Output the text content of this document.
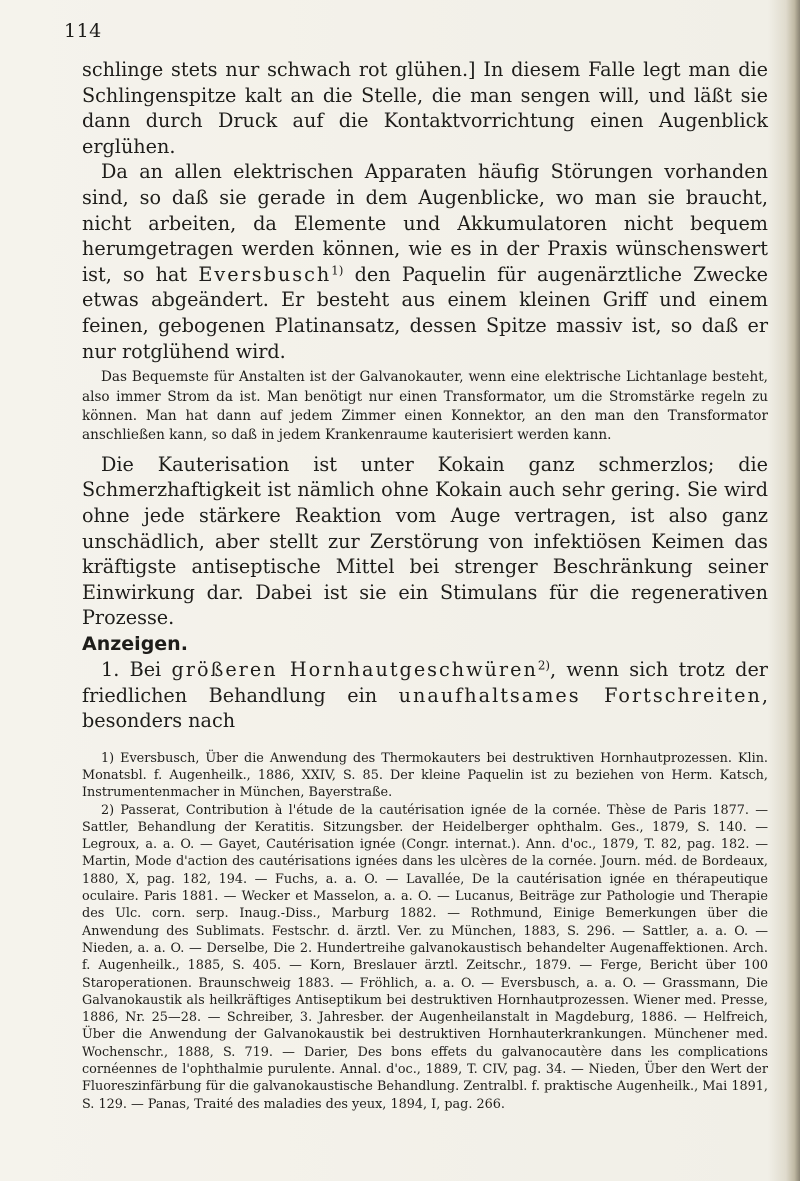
114

schlinge stets nur schwach rot glühen.] In diesem Falle legt man die Schlingenspitze kalt an die Stelle, die man sengen will, und läßt sie dann durch Druck auf die Kontaktvorrichtung einen Augenblick erglühen.

Da an allen elektrischen Apparaten häufig Störungen vorhanden sind, so daß sie gerade in dem Augenblicke, wo man sie braucht, nicht arbeiten, da Elemente und Akkumulatoren nicht bequem herumgetragen werden können, wie es in der Praxis wünschenswert ist, so hat Eversbusch$^{1)}$ den Paquelin für augenärztliche Zwecke etwas abgeändert. Er besteht aus einem kleinen Griff und einem feinen, gebogenen Platinansatz, dessen Spitze massiv ist, so daß er nur rotglühend wird.

Das Bequemste für Anstalten ist der Galvanokauter, wenn eine elektrische Lichtanlage besteht, also immer Strom da ist. Man benötigt nur einen Transformator, um die Stromstärke regeln zu können. Man hat dann auf jedem Zimmer einen Konnektor, an den man den Transformator anschließen kann, so daß in jedem Krankenraume kauterisiert werden kann.

Die Kauterisation ist unter Kokain ganz schmerzlos; die Schmerzhaftigkeit ist nämlich ohne Kokain auch sehr gering. Sie wird ohne jede stärkere Reaktion vom Auge vertragen, ist also ganz unschädlich, aber stellt zur Zerstörung von infektiösen Keimen das kräftigste antiseptische Mittel bei strenger Beschränkung seiner Einwirkung dar. Dabei ist sie ein Stimulans für die regenerativen Prozesse.

Anzeigen.

1. Bei größeren Hornhautgeschwüren$^{2)}$, wenn sich trotz der friedlichen Behandlung ein unaufhaltsames Fortschreiten, besonders nach

1) Eversbusch, Über die Anwendung des Thermokauters bei destruktiven Hornhautprozessen. Klin. Monatsbl. f. Augenheilk., 1886, XXIV, S. 85. Der kleine Paquelin ist zu beziehen von Herm. Katsch, Instrumentenmacher in München, Bayerstraße.

2) Passerat, Contribution à l'étude de la cautérisation ignée de la cornée. Thèse de Paris 1877. — Sattler, Behandlung der Keratitis. Sitzungsber. der Heidelberger ophthalm. Ges., 1879, S. 140. — Legroux, a. a. O. — Gayet, Cautérisation ignée (Congr. internat.). Ann. d'oc., 1879, T. 82, pag. 182. — Martin, Mode d'action des cautérisations ignées dans les ulcères de la cornée. Journ. méd. de Bordeaux, 1880, X, pag. 182, 194. — Fuchs, a. a. O. — Lavallée, De la cautérisation ignée en thérapeutique oculaire. Paris 1881. — Wecker et Masselon, a. a. O. — Lucanus, Beiträge zur Pathologie und Therapie des Ulc. corn. serp. Inaug.-Diss., Marburg 1882. — Rothmund, Einige Bemerkungen über die Anwendung des Sublimats. Festschr. d. ärztl. Ver. zu München, 1883, S. 296. — Sattler, a. a. O. — Nieden, a. a. O. — Derselbe, Die 2. Hundertreihe galvanokaustisch behandelter Augenaffektionen. Arch. f. Augenheilk., 1885, S. 405. — Korn, Breslauer ärztl. Zeitschr., 1879. — Ferge, Bericht über 100 Staroperationen. Braunschweig 1883. — Fröhlich, a. a. O. — Eversbusch, a. a. O. — Grassmann, Die Galvanokaustik als heilkräftiges Antiseptikum bei destruktiven Hornhautprozessen. Wiener med. Presse, 1886, Nr. 25—28. — Schreiber, 3. Jahresber. der Augenheilanstalt in Magdeburg, 1886. — Helfreich, Über die Anwendung der Galvanokaustik bei destruktiven Hornhauterkrankungen. Münchener med. Wochenschr., 1888, S. 719. — Darier, Des bons effets du galvanocautère dans les complications cornéennes de l'ophthalmie purulente. Annal. d'oc., 1889, T. CIV, pag. 34. — Nieden, Über den Wert der Fluoreszinfärbung für die galvanokaustische Behandlung. Zentralbl. f. praktische Augenheilk., Mai 1891, S. 129. — Panas, Traité des maladies des yeux, 1894, I, pag. 266.
